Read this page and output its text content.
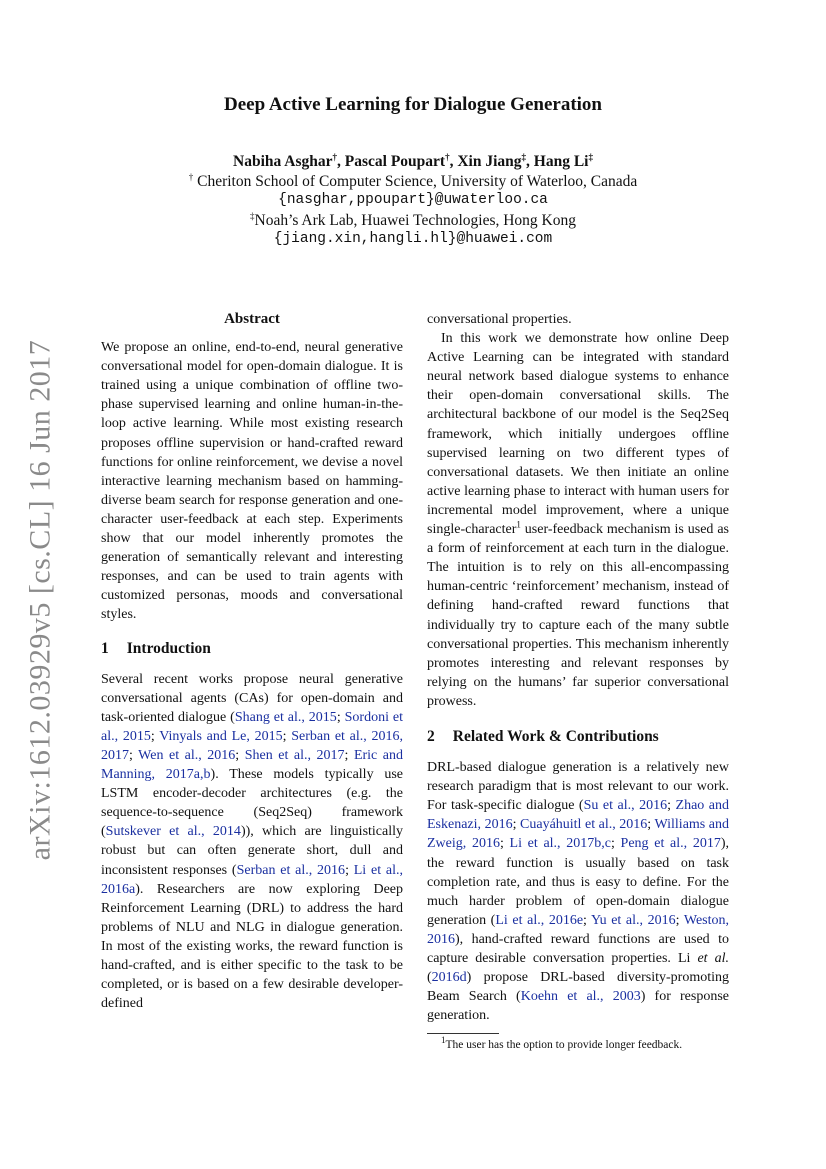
arXiv:1612.03929v5 [cs.CL] 16 Jun 2017
Deep Active Learning for Dialogue Generation
Nabiha Asghar†, Pascal Poupart†, Xin Jiang‡, Hang Li‡
† Cheriton School of Computer Science, University of Waterloo, Canada
{nasghar,ppoupart}@uwaterloo.ca
‡Noah’s Ark Lab, Huawei Technologies, Hong Kong
{jiang.xin,hangli.hl}@huawei.com
Abstract

We propose an online, end-to-end, neural generative conversational model for open-domain dialogue. It is trained using a unique combination of offline two-phase supervised learning and online human-in-the-loop active learning. While most existing research proposes offline supervision or hand-crafted reward functions for online reinforcement, we devise a novel interactive learning mechanism based on hamming-diverse beam search for response generation and one-character user-feedback at each step. Experiments show that our model inherently promotes the generation of semantically relevant and interesting responses, and can be used to train agents with customized personas, moods and conversational styles.

1 Introduction

Several recent works propose neural generative conversational agents (CAs) for open-domain and task-oriented dialogue (Shang et al., 2015; Sordoni et al., 2015; Vinyals and Le, 2015; Serban et al., 2016, 2017; Wen et al., 2016; Shen et al., 2017; Eric and Manning, 2017a,b). These models typically use LSTM encoder-decoder architectures (e.g. the sequence-to-sequence (Seq2Seq) framework (Sutskever et al., 2014)), which are linguistically robust but can often generate short, dull and inconsistent responses (Serban et al., 2016; Li et al., 2016a). Researchers are now exploring Deep Reinforcement Learning (DRL) to address the hard problems of NLU and NLG in dialogue generation. In most of the existing works, the reward function is hand-crafted, and is either specific to the task to be completed, or is based on a few desirable developer-defined

conversational properties.

In this work we demonstrate how online Deep Active Learning can be integrated with standard neural network based dialogue systems to enhance their open-domain conversational skills. The architectural backbone of our model is the Seq2Seq framework, which initially undergoes offline supervised learning on two different types of conversational datasets. We then initiate an online active learning phase to interact with human users for incremental model improvement, where a unique single-character$^1$ user-feedback mechanism is used as a form of reinforcement at each turn in the dialogue. The intuition is to rely on this all-encompassing human-centric ‘reinforcement’ mechanism, instead of defining hand-crafted reward functions that individually try to capture each of the many subtle conversational properties. This mechanism inherently promotes interesting and relevant responses by relying on the humans’ far superior conversational prowess.

2 Related Work & Contributions

DRL-based dialogue generation is a relatively new research paradigm that is most relevant to our work. For task-specific dialogue (Su et al., 2016; Zhao and Eskenazi, 2016; Cuayáhuitl et al., 2016; Williams and Zweig, 2016; Li et al., 2017b,c; Peng et al., 2017), the reward function is usually based on task completion rate, and thus is easy to define. For the much harder problem of open-domain dialogue generation (Li et al., 2016e; Yu et al., 2016; Weston, 2016), hand-crafted reward functions are used to capture desirable conversation properties. Li et al. (2016d) propose DRL-based diversity-promoting Beam Search (Koehn et al., 2003) for response generation.

$^1$The user has the option to provide longer feedback.
